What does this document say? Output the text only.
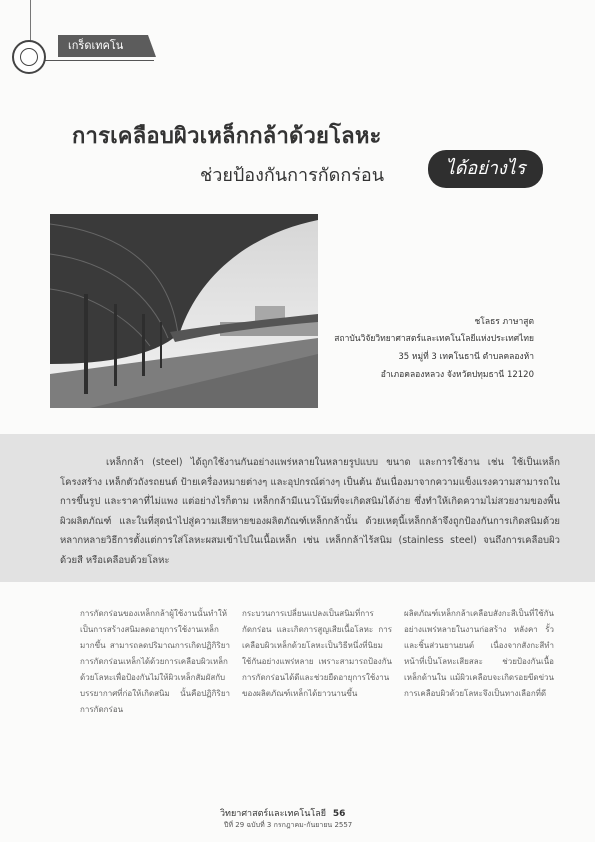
เกร็ดเทคโน
การเคลือบผิวเหล็กกล้าด้วยโลหะ
ช่วยป้องกันการกัดกร่อน	ได้อย่างไร
ชโลธร ภาษาสูต
สถาบันวิจัยวิทยาศาสตร์และเทคโนโลยีแห่งประเทศไทย
35 หมู่ที่ 3 เทคโนธานี ตำบลคลองห้า
อำเภอคลองหลวง จังหวัดปทุมธานี 12120
เหล็กกล้า (steel) ได้ถูกใช้งานกันอย่างแพร่หลายในหลายรูปแบบ ขนาด และการใช้งาน เช่น ใช้เป็นเหล็กโครงสร้าง เหล็กตัวถังรถยนต์ ป้ายเครื่องหมายต่างๆ และอุปกรณ์ต่างๆ เป็นต้น อันเนื่องมาจากความแข็งแรงความสามารถในการขึ้นรูป และราคาที่ไม่แพง แต่อย่างไรก็ตาม เหล็กกล้ามีแนวโน้มที่จะเกิดสนิมได้ง่าย ซึ่งทำให้เกิดความไม่สวยงามของพื้นผิวผลิตภัณฑ์ และในที่สุดนำไปสู่ความเสียหายของผลิตภัณฑ์เหล็กกล้านั้น ด้วยเหตุนี้เหล็กกล้าจึงถูกป้องกันการเกิดสนิมด้วยหลากหลายวิธีการตั้งแต่การใส่โลหะผสมเข้าไปในเนื้อเหล็ก เช่น เหล็กกล้าไร้สนิม (stainless steel) จนถึงการเคลือบผิวด้วยสี หรือเคลือบด้วยโลหะ

การกัดกร่อนของเหล็กกล้าผู้ใช้งานนั้นทำให้เป็นการสร้างสนิมลดอายุการใช้งานเหล็กมากขึ้น สามารถลดปริมาณการเกิดปฏิกิริยาการกัดกร่อนเหล็กได้ด้วยการเคลือบผิวเหล็กด้วยโลหะเพื่อป้องกันไม่ให้ผิวเหล็กสัมผัสกับบรรยากาศที่ก่อให้เกิดสนิม นั้นคือปฏิกิริยาการกัดกร่อน

กระบวนการเปลี่ยนแปลงเป็นสนิมที่การกัดกร่อน และเกิดการสูญเสียเนื้อโลหะ การเคลือบผิวเหล็กด้วยโลหะเป็นวิธีหนึ่งที่นิยมใช้กันอย่างแพร่หลาย เพราะสามารถป้องกันการกัดกร่อนได้ดีและช่วยยืดอายุการใช้งานของผลิตภัณฑ์เหล็กได้ยาวนานขึ้น

ผลิตภัณฑ์เหล็กกล้าเคลือบสังกะสีเป็นที่ใช้กันอย่างแพร่หลายในงานก่อสร้าง หลังคา รั้ว และชิ้นส่วนยานยนต์ เนื่องจากสังกะสีทำหน้าที่เป็นโลหะเสียสละ ช่วยป้องกันเนื้อเหล็กด้านใน แม้ผิวเคลือบจะเกิดรอยขีดข่วน การเคลือบผิวด้วยโลหะจึงเป็นทางเลือกที่ดี

วิทยาศาสตร์และเทคโนโลยี 56
ปีที่ 29 ฉบับที่ 3 กรกฎาคม-กันยายน 2557
